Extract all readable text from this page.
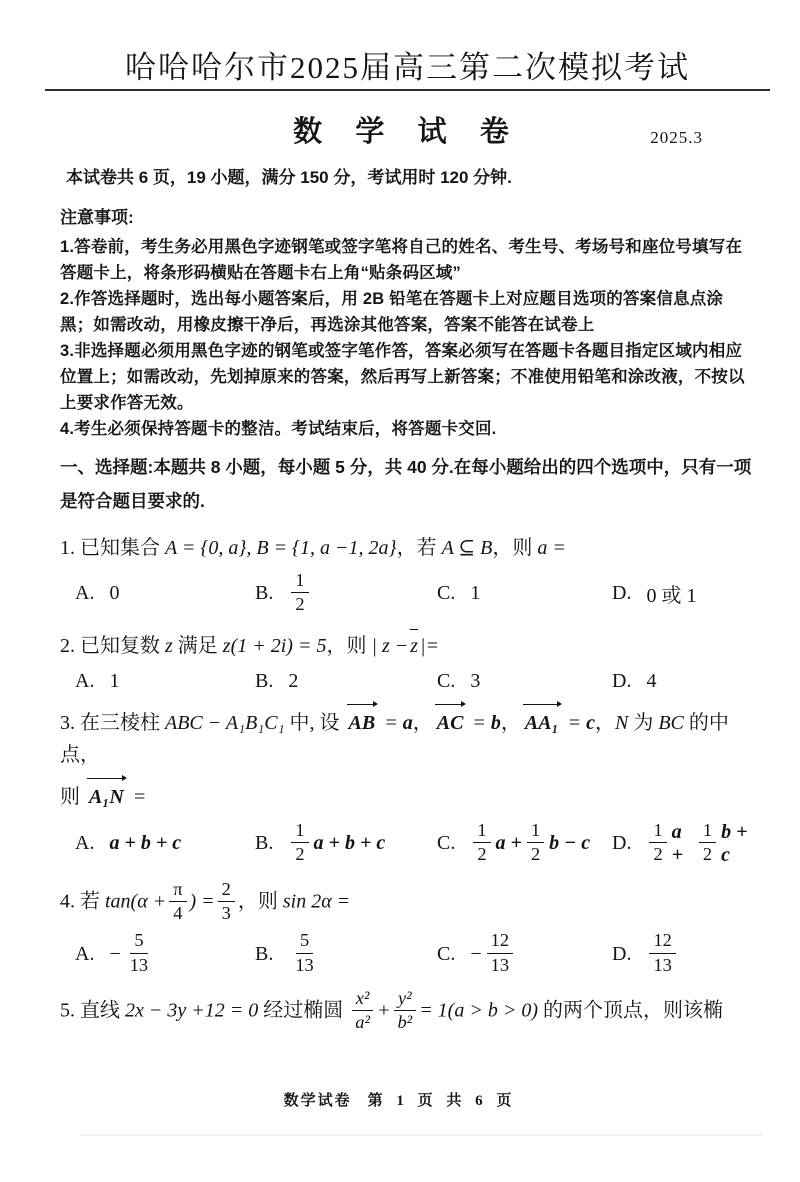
哈哈哈尔市2025届高三第二次模拟考试
数 学 试 卷	2025.3

本试卷共 6 页，19 小题，满分 150 分，考试用时 120 分钟.

注意事项:

1.答卷前，考生务必用黑色字迹钢笔或签字笔将自己的姓名、考生号、考场号和座位号填写在答题卡上，将条形码横贴在答题卡右上角“贴条码区域”

2.作答选择题时，选出每小题答案后，用 2B 铅笔在答题卡上对应题目选项的答案信息点涂黑；如需改动，用橡皮擦干净后，再选涂其他答案，答案不能答在试卷上

3.非选择题必须用黑色字迹的钢笔或签字笔作答，答案必须写在答题卡各题目指定区域内相应位置上；如需改动，先划掉原来的答案，然后再写上新答案；不准使用铅笔和涂改液，不按以上要求作答无效。

4.考生必须保持答题卡的整洁。考试结束后，将答题卡交回.

一、选择题:本题共 8 小题，每小题 5 分，共 40 分.在每小题给出的四个选项中，只有一项是符合题目要求的.

1. 已知集合 A = {0, a}, B = {1, a −1, 2a}，若 A ⊆ B，则 a =

A. 0	B. $\frac{1}{2}$	C. 1	D. 0 或 1

2. 已知复数 z 满足 z(1 + 2i) = 5，则 | z − z |=

A. 1	B. 2	C. 3	D. 4

3. 在三棱柱 ABC − A₁B₁C₁ 中, 设 AB = a， AC = b， AA₁ = c，N 为 BC 的中点，

则 A₁N =

A. a + b + c	B. $\frac{1}{2}$ a + b + c	C. $\frac{1}{2}$ $a + \frac{1}{2}$ b − c D. $\frac{1}{2}$ $a + \frac{1}{2}$ b + c

4. 若 $\tan(\alpha + \frac{\pi}{4}$ ) = $\frac{2}{3}$ ，则 sin 2α =

A. − $\frac{5}{13}$	B. $\frac{5}{13}$	C. − $\frac{12}{13}$	D. $\frac{12}{13}$

5. 直线 2x − 3y +12 = 0 经过椭圆 $\frac{\text{x²}}{\text{a²}} + \frac{\text{y²}}{\text{b²}} = 1(a > b > 0)$ 的两个顶点，则该椭

数学试卷 第 1 页 共 6 页
